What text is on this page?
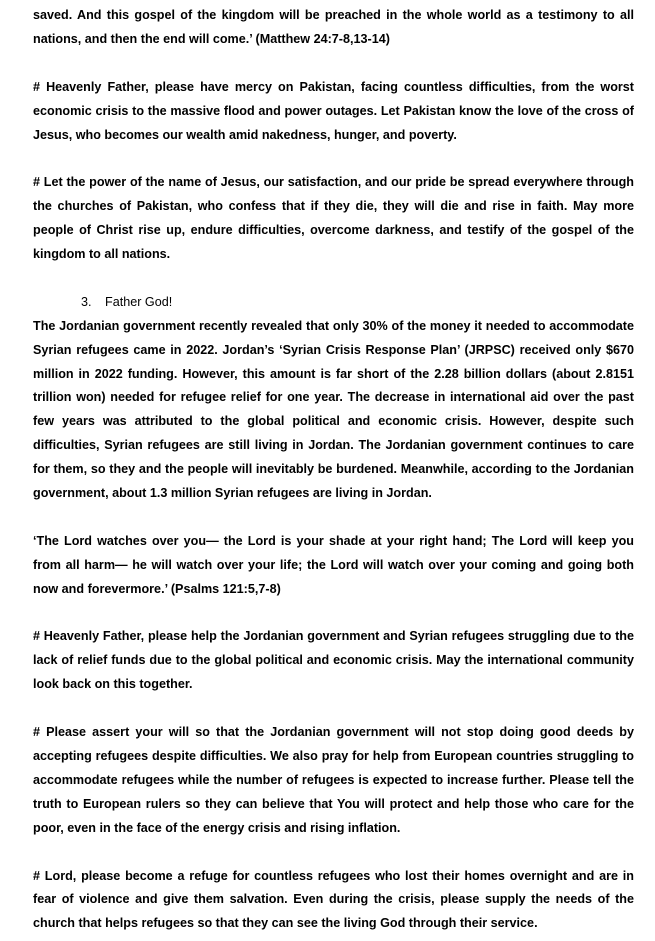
saved. And this gospel of the kingdom will be preached in the whole world as a testimony to all nations, and then the end will come.’ (Matthew 24:7-8,13-14)

# Heavenly Father, please have mercy on Pakistan, facing countless difficulties, from the worst economic crisis to the massive flood and power outages. Let Pakistan know the love of the cross of Jesus, who becomes our wealth amid nakedness, hunger, and poverty.

# Let the power of the name of Jesus, our satisfaction, and our pride be spread everywhere through the churches of Pakistan, who confess that if they die, they will die and rise in faith. May more people of Christ rise up, endure difficulties, overcome darkness, and testify of the gospel of the kingdom to all nations.

3. Father God!

The Jordanian government recently revealed that only 30% of the money it needed to accommodate Syrian refugees came in 2022. Jordan’s ‘Syrian Crisis Response Plan’ (JRPSC) received only $670 million in 2022 funding. However, this amount is far short of the 2.28 billion dollars (about 2.8151 trillion won) needed for refugee relief for one year. The decrease in international aid over the past few years was attributed to the global political and economic crisis. However, despite such difficulties, Syrian refugees are still living in Jordan. The Jordanian government continues to care for them, so they and the people will inevitably be burdened. Meanwhile, according to the Jordanian government, about 1.3 million Syrian refugees are living in Jordan.

‘The Lord watches over you— the Lord is your shade at your right hand; The Lord will keep you from all harm— he will watch over your life; the Lord will watch over your coming and going both now and forevermore.’ (Psalms 121:5,7-8)

# Heavenly Father, please help the Jordanian government and Syrian refugees struggling due to the lack of relief funds due to the global political and economic crisis. May the international community look back on this together.

# Please assert your will so that the Jordanian government will not stop doing good deeds by accepting refugees despite difficulties. We also pray for help from European countries struggling to accommodate refugees while the number of refugees is expected to increase further. Please tell the truth to European rulers so they can believe that You will protect and help those who care for the poor, even in the face of the energy crisis and rising inflation.

# Lord, please become a refuge for countless refugees who lost their homes overnight and are in fear of violence and give them salvation. Even during the crisis, please supply the needs of the church that helps refugees so that they can see the living God through their service.
